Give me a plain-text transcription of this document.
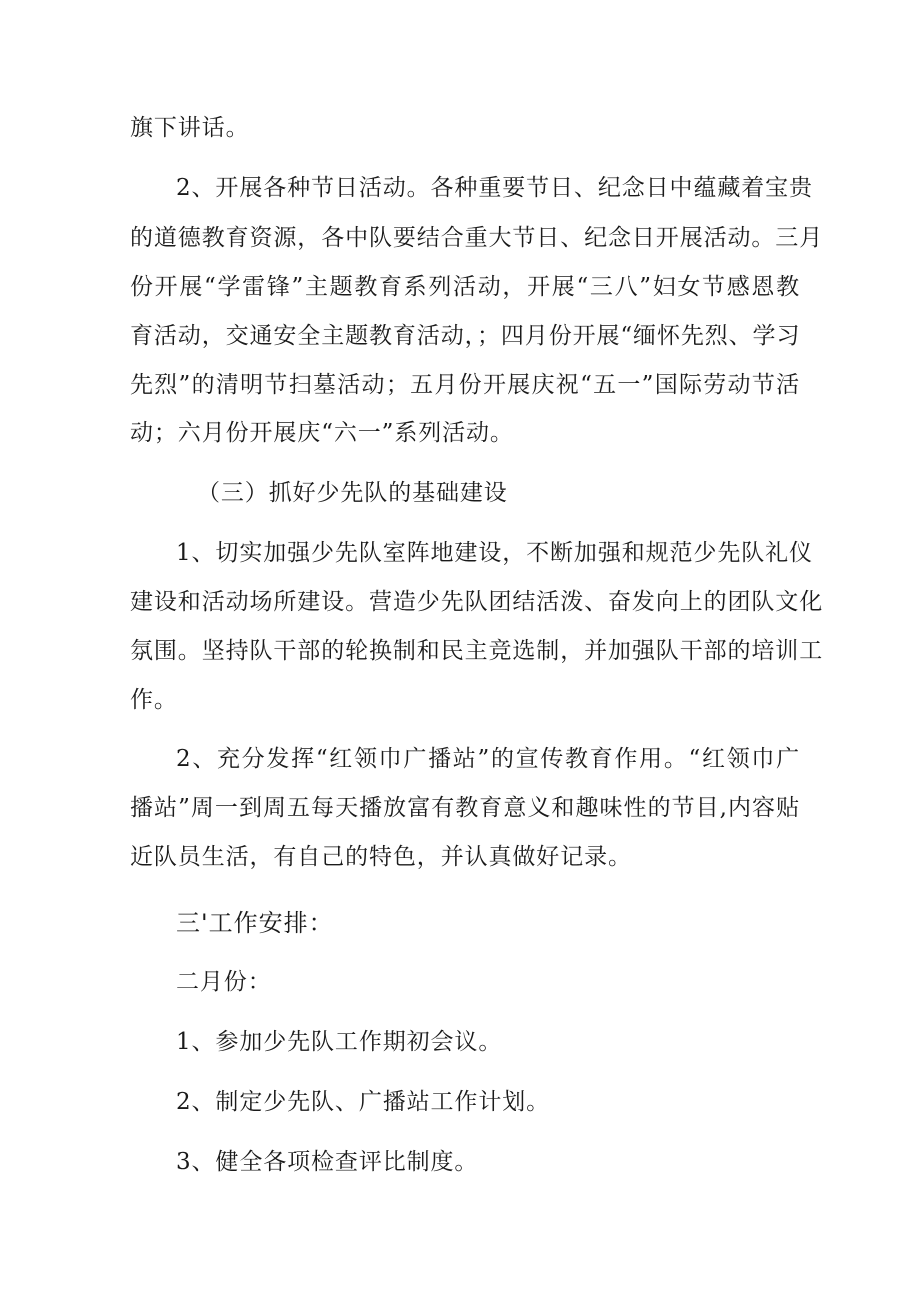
旗下讲话。
2、开展各种节日活动。各种重要节日、纪念日中蕴藏着宝贵
的道德教育资源，各中队要结合重大节日、纪念日开展活动。三月
份开展“学雷锋”主题教育系列活动，开展“三八”妇女节感恩教
育活动，交通安全主题教育活动，；四月份开展“缅怀先烈、学习
先烈”的清明节扫墓活动；五月份开展庆祝“五一”国际劳动节活
动；六月份开展庆“六一”系列活动。
（三）抓好少先队的基础建设
1、切实加强少先队室阵地建设，不断加强和规范少先队礼仪
建设和活动场所建设。营造少先队团结活泼、奋发向上的团队文化
氛围。坚持队干部的轮换制和民主竞选制，并加强队干部的培训工
作。
2、充分发挥“红领巾广播站”的宣传教育作用。“红领巾广
播站”周一到周五每天播放富有教育意义和趣味性的节目,内容贴
近队员生活，有自己的特色，并认真做好记录。
三'工作安排：
二月份：
1、参加少先队工作期初会议。
2、制定少先队、广播站工作计划。
3、健全各项检查评比制度。
